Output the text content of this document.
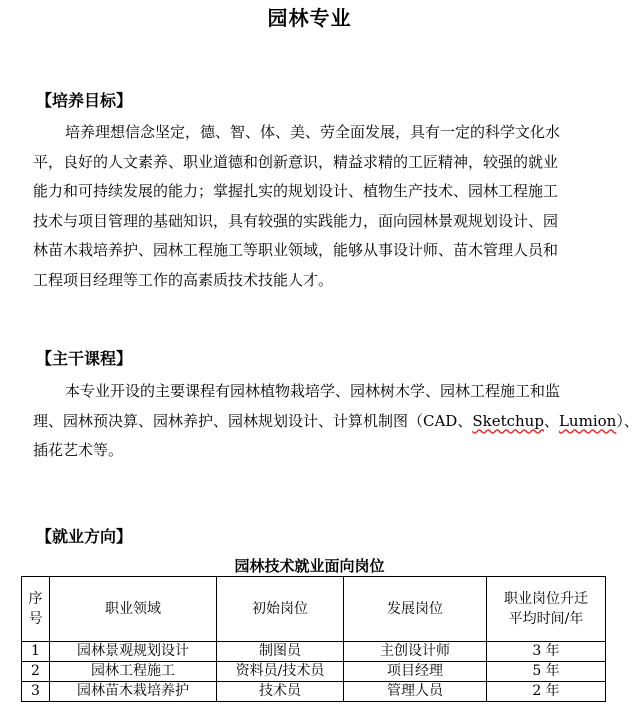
园林专业
【培养目标】
培养理想信念坚定，德、智、体、美、劳全面发展，具有一定的科学文化水
平，良好的人文素养、职业道德和创新意识，精益求精的工匠精神，较强的就业
能力和可持续发展的能力；掌握扎实的规划设计、植物生产技术、园林工程施工
技术与项目管理的基础知识，具有较强的实践能力，面向园林景观规划设计、园
林苗木栽培养护、园林工程施工等职业领域，能够从事设计师、苗木管理人员和
工程项目经理等工作的高素质技术技能人才。
【主干课程】
本专业开设的主要课程有园林植物栽培学、园林树木学、园林工程施工和监
理、园林预决算、园林养护、园林规划设计、计算机制图（CAD、Sketchup、Lumion）、
插花艺术等。
【就业方向】
园林技术就业面向岗位
序
号	职业领域	初始岗位	发展岗位	职业岗位升迁
平均时间/年
1	园林景观规划设计	制图员	主创设计师	3 年
2	园林工程施工	资料员/技术员	项目经理	5 年
3	园林苗木栽培养护	技术员	管理人员	2 年
